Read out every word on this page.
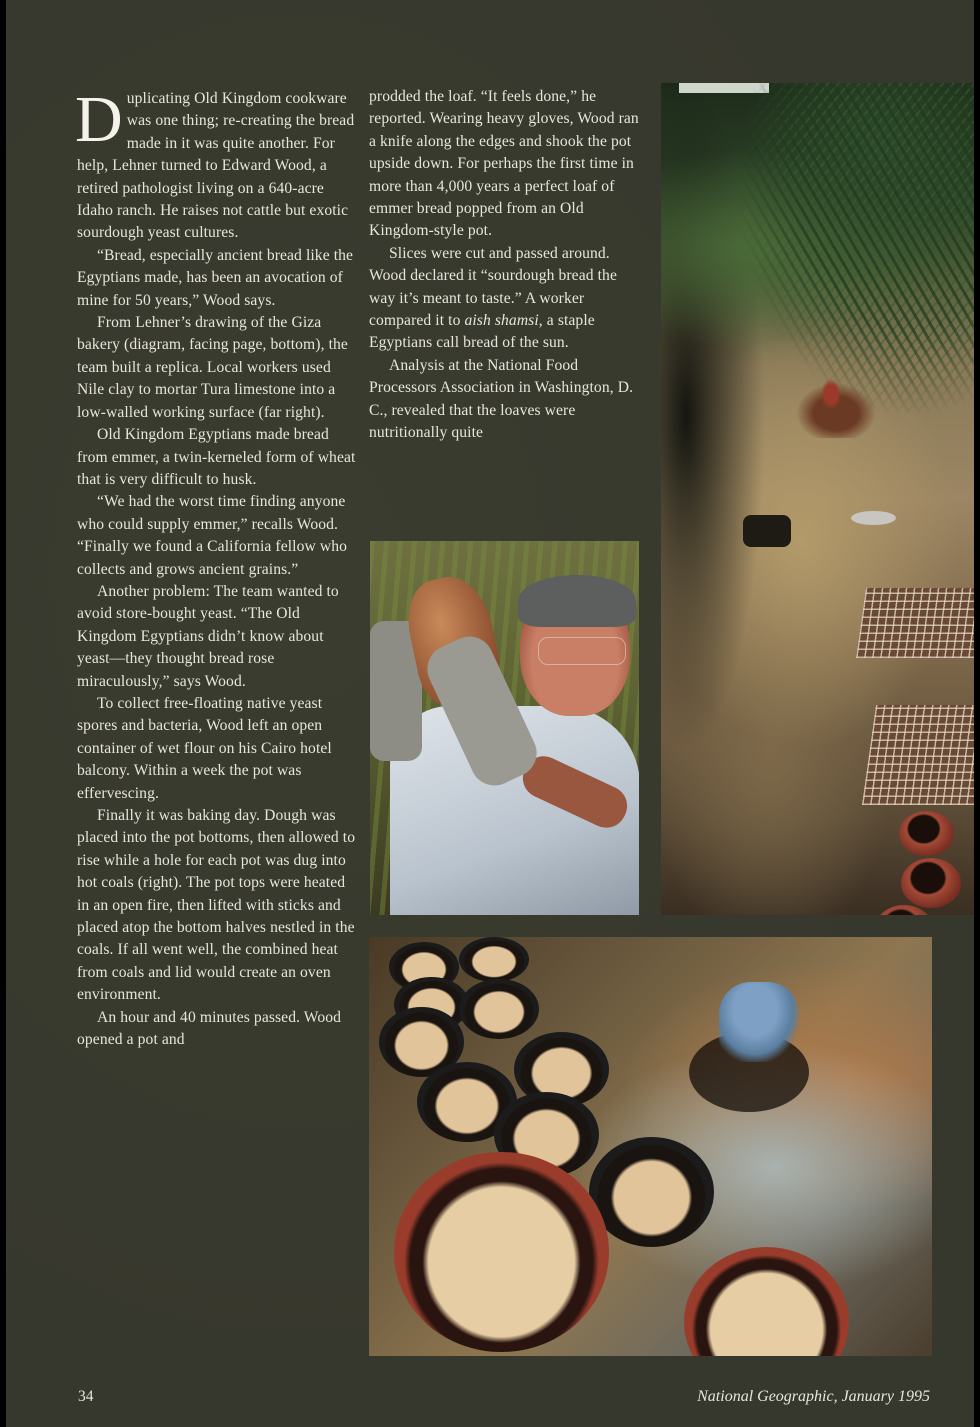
Duplicating Old Kingdom cookware was one thing; re-creating the bread made in it was quite another. For help, Lehner turned to Edward Wood, a retired pathologist living on a 640-acre Idaho ranch. He raises not cattle but exotic sourdough yeast cultures.

“Bread, especially ancient bread like the Egyptians made, has been an avocation of mine for 50 years,” Wood says.

From Lehner’s drawing of the Giza bakery (diagram, facing page, bottom), the team built a replica. Local workers used Nile clay to mortar Tura limestone into a low-walled working surface (far right).

Old Kingdom Egyptians made bread from emmer, a twin-kerneled form of wheat that is very difficult to husk.

“We had the worst time finding anyone who could supply emmer,” recalls Wood.

“Finally we found a California fellow who collects and grows ancient grains.”

Another problem: The team wanted to avoid store-bought yeast. “The Old Kingdom Egyptians didn’t know about yeast—they thought bread rose miraculously,” says Wood.

To collect free-floating native yeast spores and bacteria, Wood left an open container of wet flour on his Cairo hotel balcony. Within a week the pot was effervescing.

Finally it was baking day. Dough was placed into the pot bottoms, then allowed to rise while a hole for each pot was dug into hot coals (right). The pot tops were heated in an open fire, then lifted with sticks and placed atop the bottom halves nestled in the coals. If all went well, the combined heat from coals and lid would create an oven environment.

An hour and 40 minutes passed. Wood opened a pot and

prodded the loaf. “It feels done,” he reported. Wearing heavy gloves, Wood ran a knife along the edges and shook the pot upside down. For perhaps the first time in more than 4,000 years a perfect loaf of emmer bread popped from an Old Kingdom-style pot.

Slices were cut and passed around. Wood declared it “sourdough bread the way it’s meant to taste.” A worker compared it to aish shamsi, a staple Egyptians call bread of the sun.

Analysis at the National Food Processors Association in Washington, D. C., revealed that the loaves were nutritionally quite

34	National Geographic, January 1995
